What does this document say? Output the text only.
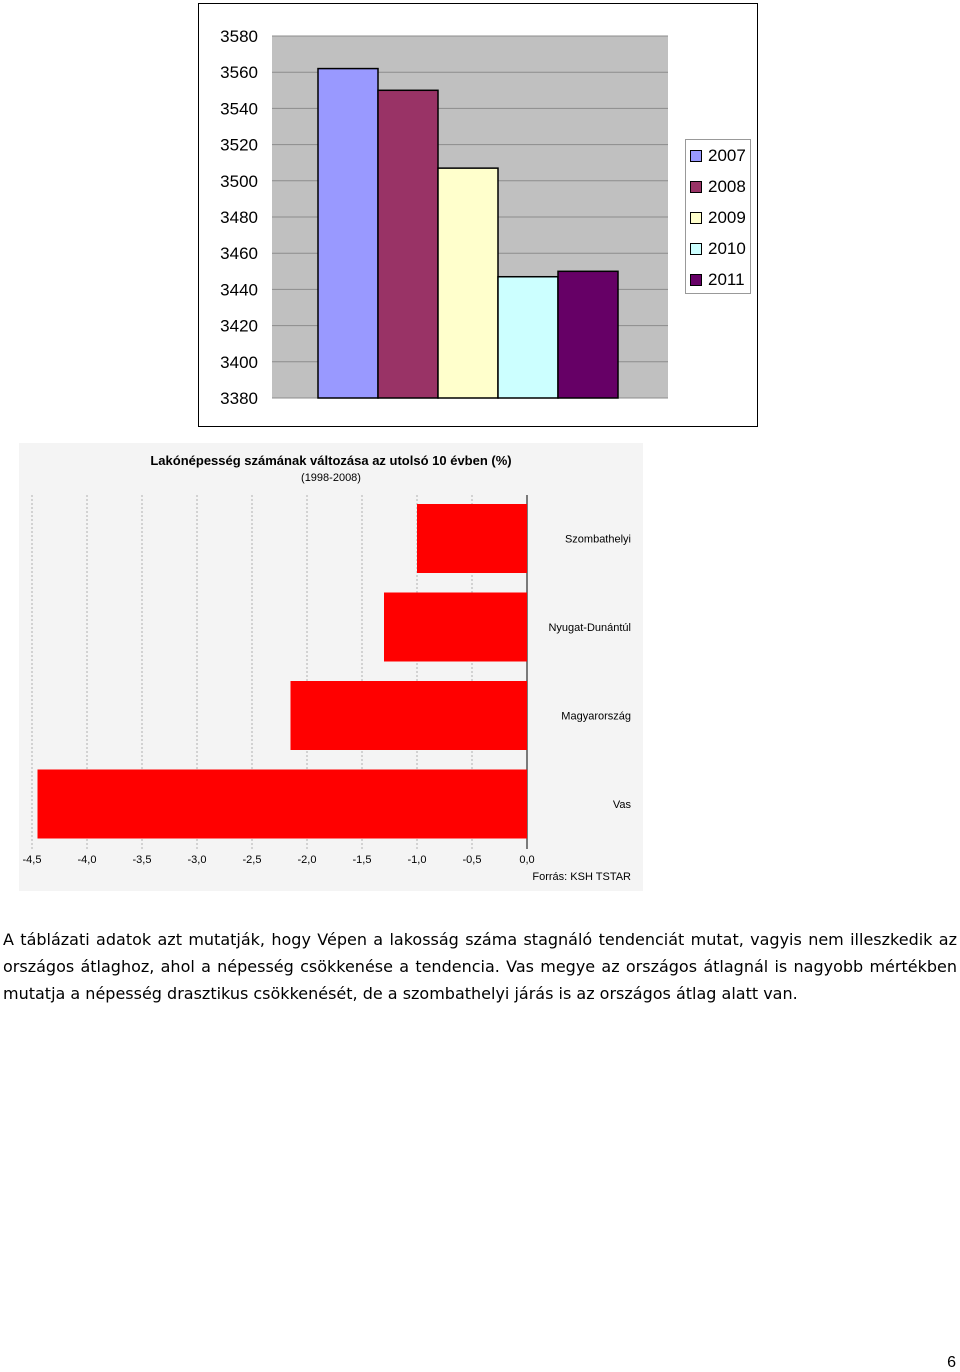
3580
3560
3540
3520
3500
3480
3460
3440
3420
3400
3380
2007
2008
2009
2010
2011
Lakónépesség számának változása az utolsó 10 évben (%)
(1998-2008)
-4,5	-4,0	-3,5	-3,0	-2,5	-2,0	-1,5	-1,0	-0,5	0,0
Szombathelyi
Nyugat-Dunántúl
Magyarország
Vas
Forrás: KSH TSTAR

A táblázati adatok azt mutatják, hogy Vépen a lakosság száma stagnáló tendenciát mutat, vagyis nem illeszkedik az országos átlaghoz, ahol a népesség csökkenése a tendencia. Vas megye az országos átlagnál is nagyobb mértékben mutatja a népesség drasztikus csökkenését, de a szombathelyi járás is az országos átlag alatt van.

6
